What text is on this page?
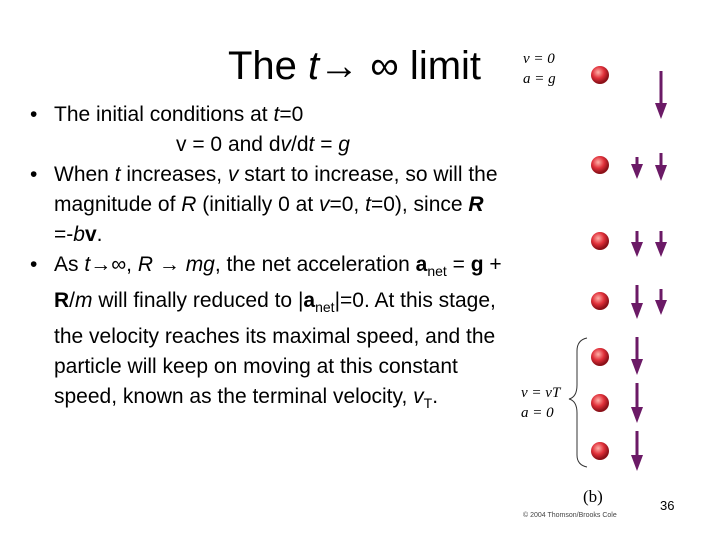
The t→ ∞ limit
• The initial conditions at t=0
v = 0 and dv/dt = g
• When t increases, v start to increase, so will the magnitude of R (initially 0 at v=0, t=0), since R =-bv.
• As t→∞, R → mg, the net acceleration $a_{net} = g + R/m$ will finally reduced to $|a_{net}|=0$. At this stage, the velocity reaches its maximal speed, and the particle will keep on moving at this constant speed, known as the terminal velocity, $v_T$.
v = 0
a = g
v = vT
a = 0
(b)
© 2004 Thomson/Brooks Cole
36
